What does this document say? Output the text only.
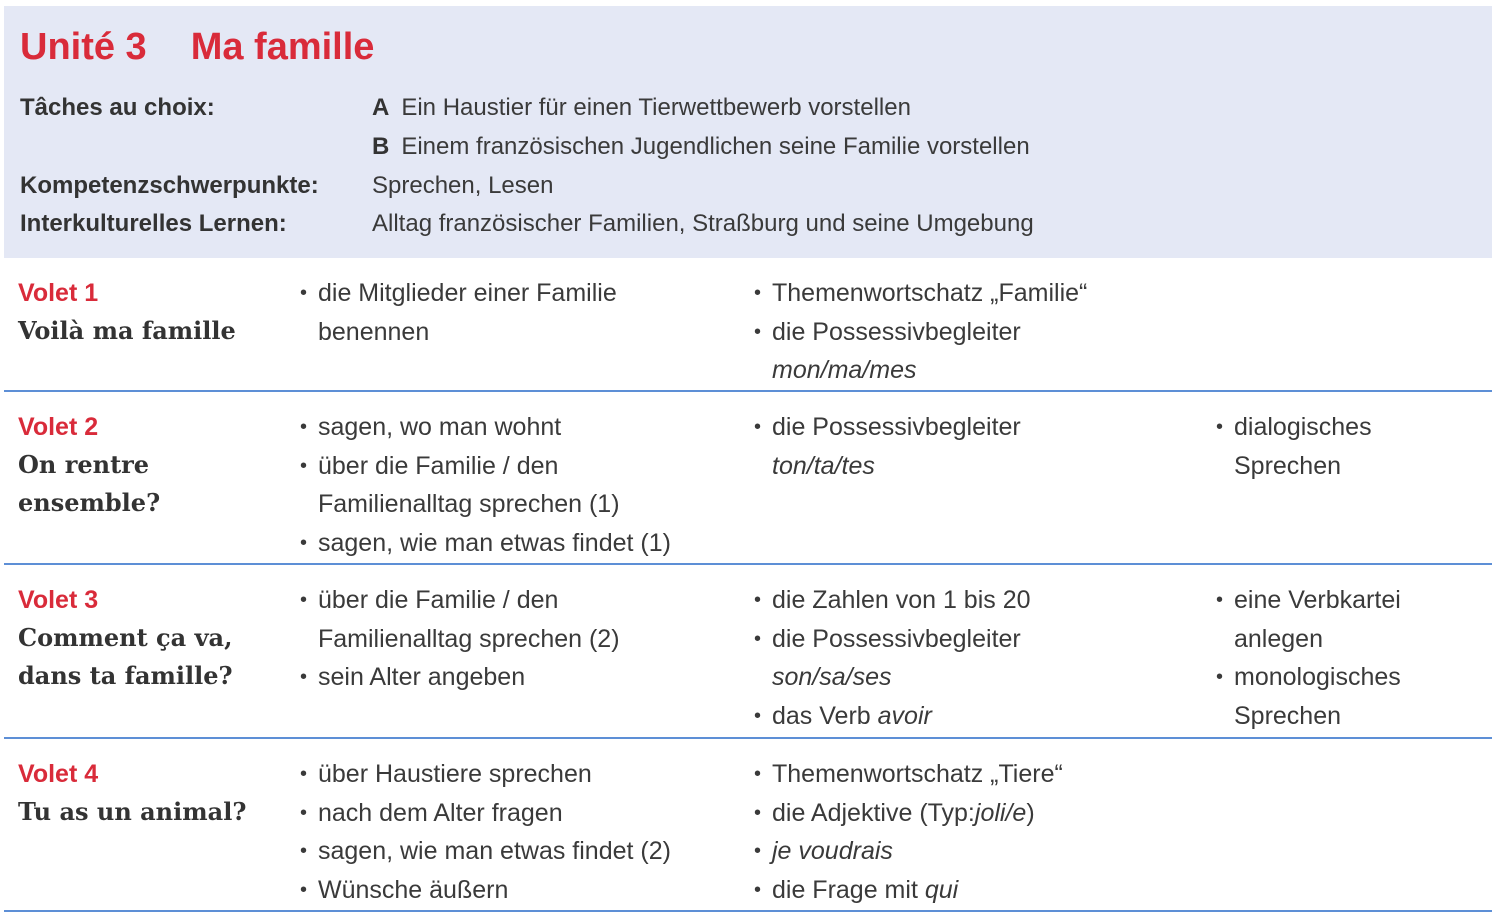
Unité 3 Ma famille
Tâches au choix:	A Ein Haustier für einen Tierwettbewerb vorstellen
B Einem französischen Jugendlichen seine Familie vorstellen
Kompetenzschwerpunkte: Sprechen, Lesen
Interkulturelles Lernen:	Alltag französischer Familien, Straßburg und seine Umgebung
Volet 1
Voilà ma famille
• die Mitglieder einer Familie
benennen
• Themenwortschatz „Familie“
• die Possessivbegleiter
mon/ma/mes
Volet 2
On rentre
ensemble?
• sagen, wo man wohnt
• über die Familie / den
Familienalltag sprechen (1)
• sagen, wie man etwas findet (1)
• die Possessivbegleiter
ton/ta/tes
• dialogisches
Sprechen
Volet 3
Comment ça va,
dans ta famille?
• über die Familie / den
Familienalltag sprechen (2)
• sein Alter angeben
• die Zahlen von 1 bis 20
• die Possessivbegleiter
son/sa/ses
• das Verb avoir
• eine Verbkartei
anlegen
• monologisches
Sprechen
Volet 4
Tu as un animal?
• über Haustiere sprechen
• nach dem Alter fragen
• sagen, wie man etwas findet (2)
• Wünsche äußern
• Themenwortschatz „Tiere“
• die Adjektive (Typ:joli/e)
• je voudrais
• die Frage mit qui
